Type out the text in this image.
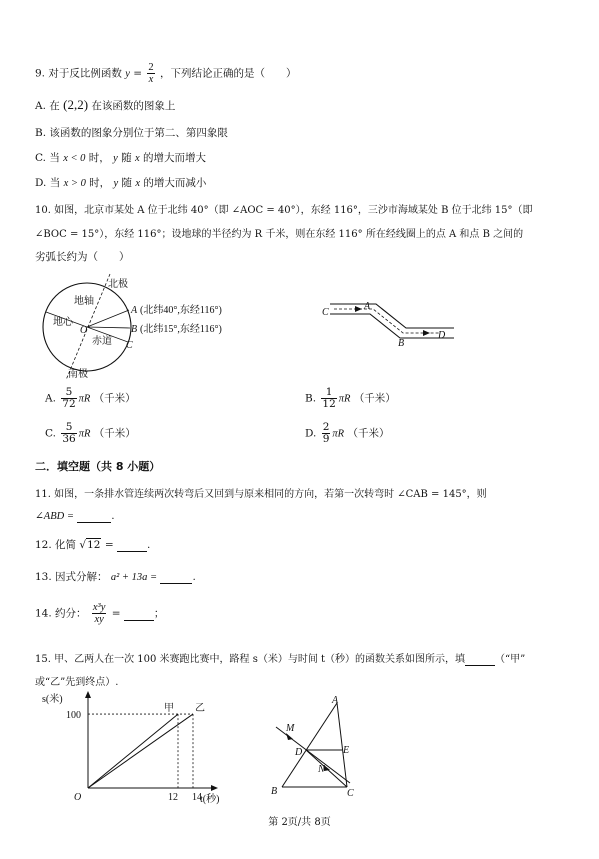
9. 对于反比例函数 $y = \frac{2}{x}$ ，下列结论正确的是（　　）
A. 在 (2,2) 在该函数的图象上
B. 该函数的图象分别位于第二、第四象限
C. 当 x < 0 时， y 随 x 的增大而增大
D. 当 x > 0 时， y 随 x 的增大而减小
10. 如图，北京市某处 A 位于北纬 40°（即 ∠AOC = 40°），东经 116°，三沙市海域某处 B 位于北纬 15°（即
∠BOC = 15°），东经 116°；设地球的半径约为 R 千米，则在东经 116° 所在经线圈上的点 A 和点 B 之间的
劣弧长约为（　　）
北极
地轴
地心
O
赤道
南极
A (北纬40°,东经116°)
B (北纬15°,东经116°)
C
C
A
B
D
A. $\frac{5}{72}$ πR （千米）	B. $\frac{1}{12}$ πR （千米）
C. $\frac{5}{36}$ πR （千米）	D. $\frac{2}{9}$ πR （千米）
二．填空题（共 8 小题）
11. 如图，一条排水管连续两次转弯后又回到与原来相同的方向，若第一次转弯时 ∠CAB = 145°，则
∠ABD =	.
12. 化简 √12 =	.
13. 因式分解： a² + 13a =	.
14. 约分： $\frac{\text{x³y}}{xy}$ =	；
15. 甲、乙两人在一次 100 米赛跑比赛中，路程 s（米）与时间 t（秒）的函数关系如图所示，填	（“甲”
或“乙”先到终点）.
O	t(秒)
s(米)
100
12 14
甲 乙
A
M
D	E
N
B	C
第 2页/共 8页
